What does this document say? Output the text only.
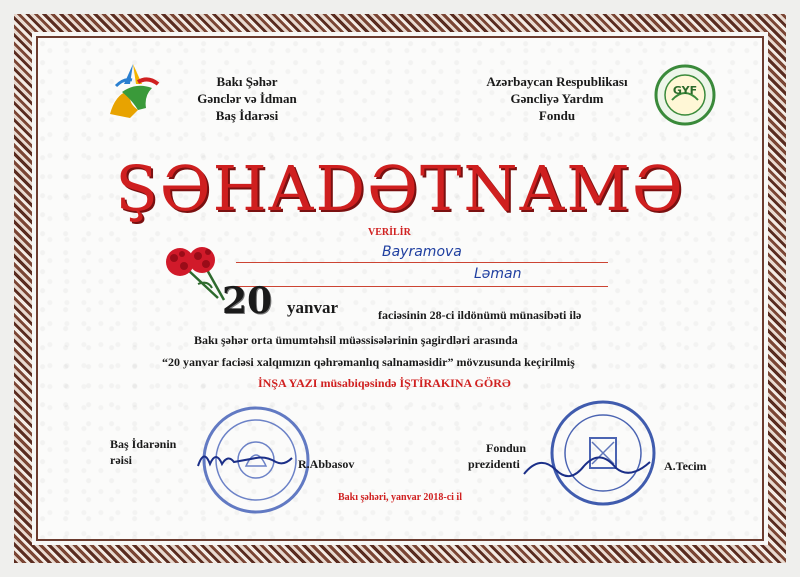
Bakı Şəhər
Gənclər və İdman
Baş İdarəsi
Azərbaycan Respublikası
Gəncliyə Yardım
Fondu
GYF
ŞƏHADƏTNAMƏ
VERİLİR
Bayramova
Ləman
20 yanvar	faciəsinin 28-ci ildönümü münasibəti ilə
Bakı şəhər orta ümumtəhsil müəssisələrinin şagirdləri arasında
“20 yanvar faciəsi xalqımızın qəhrəmanlıq salnaməsidir” mövzusunda keçirilmiş
İNŞA YAZI müsabiqəsində İŞTİRAKINA GÖRƏ
Baş İdarənin
rəisi	R.Abbasov
Fondun
prezidenti	A.Tecim
Bakı şəhəri, yanvar 2018-ci il
